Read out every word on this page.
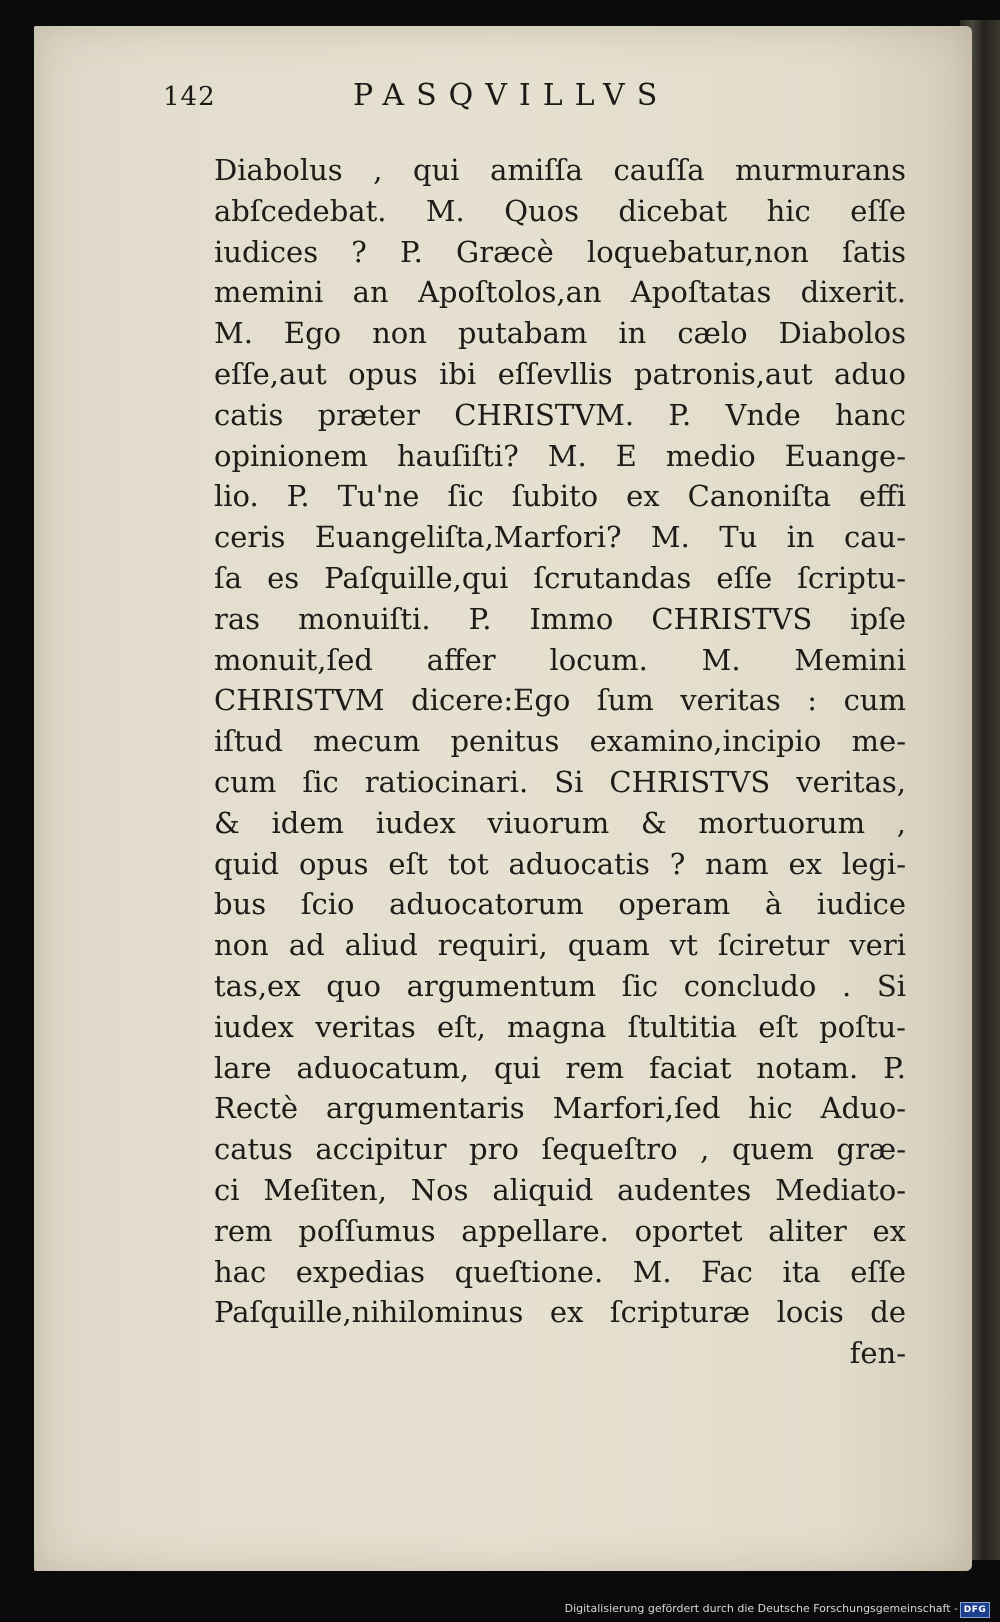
142	PASQVILLVS
Diabolus , qui amiſſa cauſſa murmurans
abſcedebat. M. Quos dicebat hic eſſe
iudices ? P. Græcè loquebatur,non ſatis
memini an Apoſtolos,an Apoſtatas dixerit.
M. Ego non putabam in cælo Diabolos
eſſe,aut opus ibi eſſevllis patronis,aut aduo
catis præter CHRISTVM. P. Vnde hanc
opinionem hauſiſti? M. E medio Euange-
lio. P. Tu'ne ſic ſubito ex Canoniſta effi
ceris Euangeliſta,Marfori? M. Tu in cau-
ſa es Paſquille,qui ſcrutandas eſſe ſcriptu-
ras monuiſti. P. Immo CHRISTVS ipſe
monuit,ſed affer locum. M. Memini
CHRISTVM dicere:Ego ſum veritas : cum
iſtud mecum penitus examino,incipio me-
cum ſic ratiocinari. Si CHRISTVS veritas,
& idem iudex viuorum & mortuorum ,
quid opus eſt tot aduocatis ? nam ex legi-
bus ſcio aduocatorum operam à iudice
non ad aliud requiri, quam vt ſciretur veri
tas,ex quo argumentum ſic concludo . Si
iudex veritas eſt, magna ſtultitia eſt poſtu-
lare aduocatum, qui rem faciat notam. P.
Rectè argumentaris Marfori,ſed hic Aduo-
catus accipitur pro ſequeſtro , quem græ-
ci Meſiten, Nos aliquid audentes Mediato-
rem poſſumus appellare. oportet aliter ex
hac expedias queſtione. M. Fac ita eſſe
Paſquille,nihilominus ex ſcripturæ locis de
fen-
Digitalisierung gefördert durch die Deutsche Forschungsgemeinschaft - DFG
